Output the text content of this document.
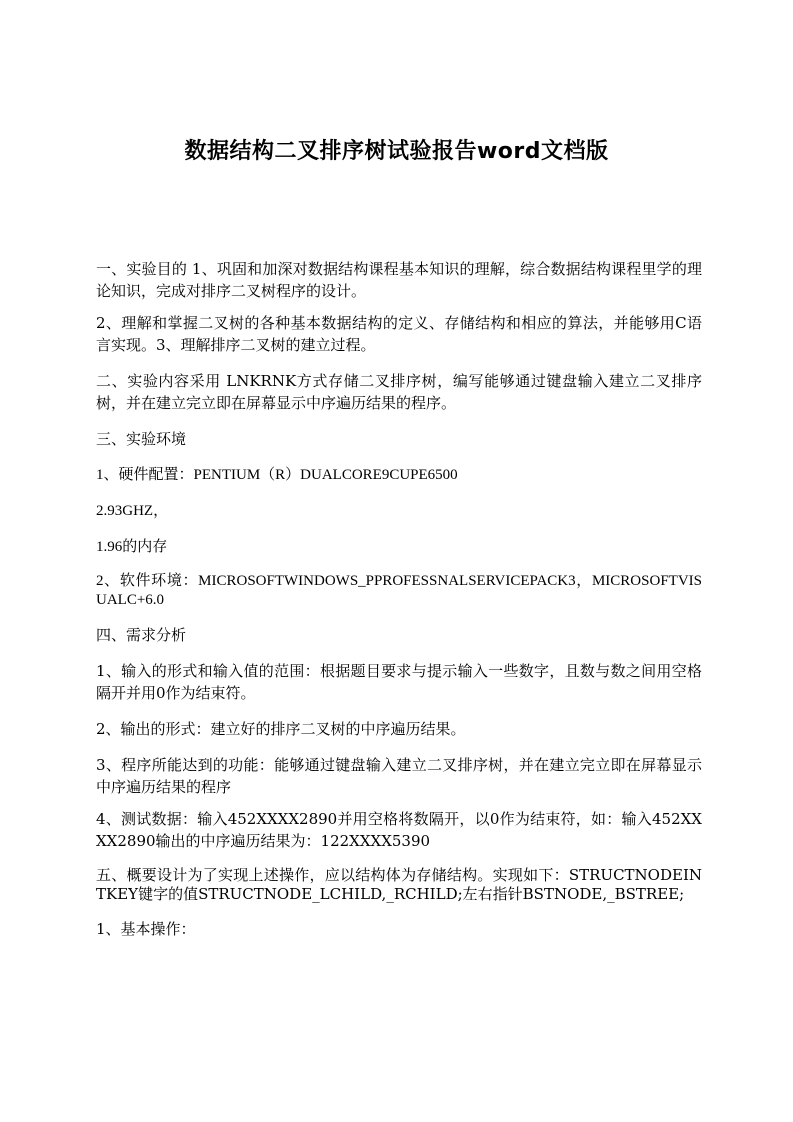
数据结构二叉排序树试验报告word文档版

一、实验目的 1、巩固和加深对数据结构课程基本知识的理解，综合数据结构课程里学的理论知识，完成对排序二叉树程序的设计。

2、理解和掌握二叉树的各种基本数据结构的定义、存储结构和相应的算法，并能够用C语言实现。3、理解排序二叉树的建立过程。

二、实验内容采用 LNKRNK方式存储二叉排序树，编写能够通过键盘输入建立二叉排序树，并在建立完立即在屏幕显示中序遍历结果的程序。

三、实验环境

1、硬件配置：PENTIUM（R）DUALCORE9CUPE6500

2.93GHZ，

1.96的内存

2、软件环境：MICROSOFTWINDOWS_PPROFESSNALSERVICEPACK3，MICROSOFTVISUALC+6.0

四、需求分析

1、输入的形式和输入值的范围：根据题目要求与提示输入一些数字，且数与数之间用空格隔开并用0作为结束符。

2、输出的形式：建立好的排序二叉树的中序遍历结果。

3、程序所能达到的功能：能够通过键盘输入建立二叉排序树，并在建立完立即在屏幕显示中序遍历结果的程序

4、测试数据：输入452XXXX2890并用空格将数隔开，以0作为结束符，如：输入452XXXX2890输出的中序遍历结果为：122XXXX5390

五、概要设计为了实现上述操作，应以结构体为存储结构。实现如下：STRUCTNODEINTKEY键字的值STRUCTNODE_LCHILD,_RCHILD;左右指针BSTNODE,_BSTREE;

1、基本操作：
